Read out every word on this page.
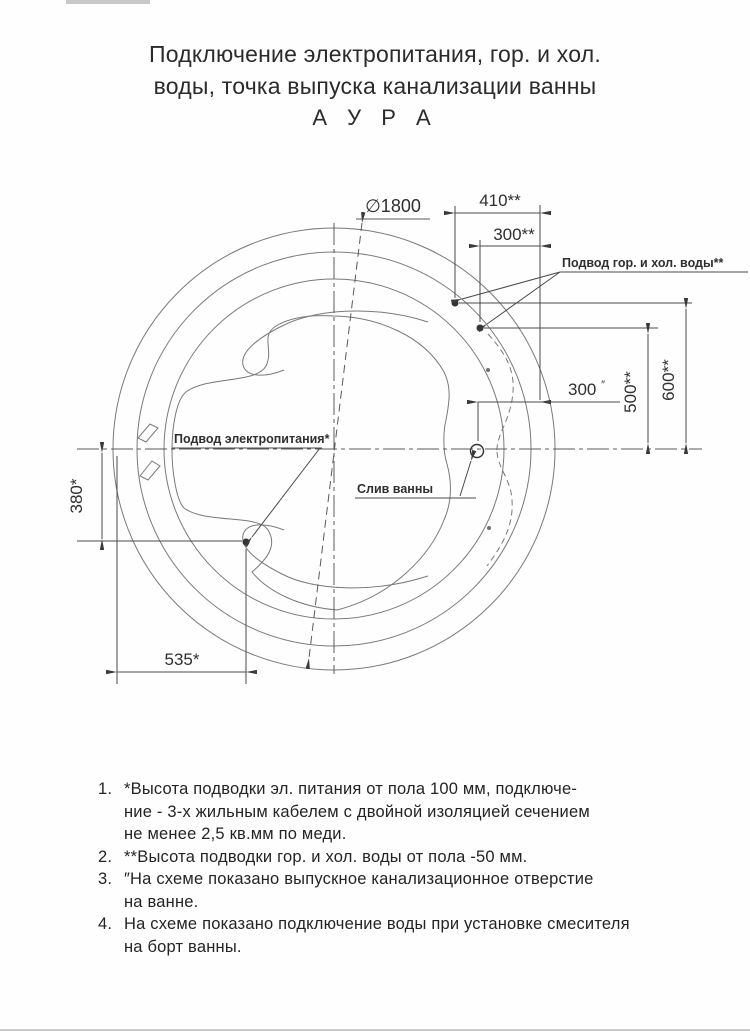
Подключение электропитания, гор. и хол.
воды, точка выпуска канализации ванны
А У Р А
∅1800	410**
300**
600**
500**
300 ″
380*
535*
Подвод гор. и хол. воды**
Подвод электропитания*
Слив ванны
1. *Высота подводки эл. питания от пола 100 мм, подключе-
ние - 3-х жильным кабелем с двойной изоляцией сечением
не менее 2,5 кв.мм по меди.
2. **Высота подводки гор. и хол. воды от пола -50 мм.
3. ″На схеме показано выпускное канализационное отверстие
на ванне.
4. На схеме показано подключение воды при установке смесителя
на борт ванны.
